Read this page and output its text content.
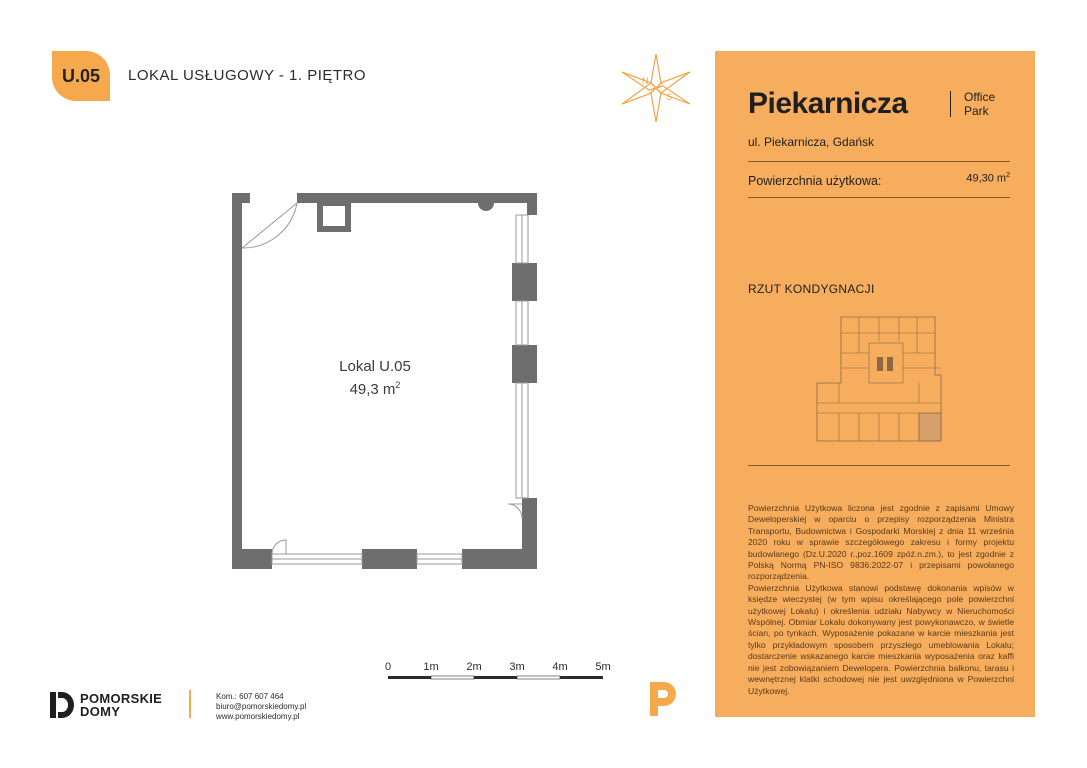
U.05 LOKAL USŁUGOWY - 1. PIĘTRO	N
S
Lokal U.05
49,3 $m^2$
0	1m	2m	3m	4m	5m
POMORSKIE
DOMY
Kom.: 607 607 464
biuro@pomorskiedomy.pl
www.pomorskiedomy.pl
Piekarnicza	Office
Park
ul. Piekarnicza, Gdańsk
Powierzchnia użytkowa:	49,30 $m^2$
RZUT KONDYGNACJI

Powierzchnia Użytkowa liczona jest zgodnie z zapisami Umowy Deweloperskiej w oparciu o przepisy rozporządzenia Ministra Transportu, Budownictwa i Gospodarki Morskiej z dnia 11 września 2020 roku w sprawie szczegółowego zakresu i formy projektu budowlanego (Dz.U.2020 r.,poz.1609 zpóź.n.zm.), to jest zgodnie z Polską Normą PN-ISO 9836:2022-07 i przepisami powołanego rozporządzenia.

Powierzchnia Użytkowa stanowi podstawę dokonania wpisów w księdze wieczystej (w tym wpisu określającego pole powierzchni użytkowej Lokalu) i określenia udziału Nabywcy w Nieruchomości Wspólnej. Obmiar Lokalu dokonywany jest powykonawczo, w świetle ścian, po tynkach. Wyposażenie pokazane w karcie mieszkania jest tylko przykładowym sposobem przyszłego umeblowania Lokalu; dostarczenie wskazanego karcie mieszkania wyposażenia oraz kaffi nie jest zobowiązaniem Dewelopera. Powierzchnia balkonu, tarasu i wewnętrznej klatki schodowej nie jest uwzględniona w Powierzchni Użytkowej.
